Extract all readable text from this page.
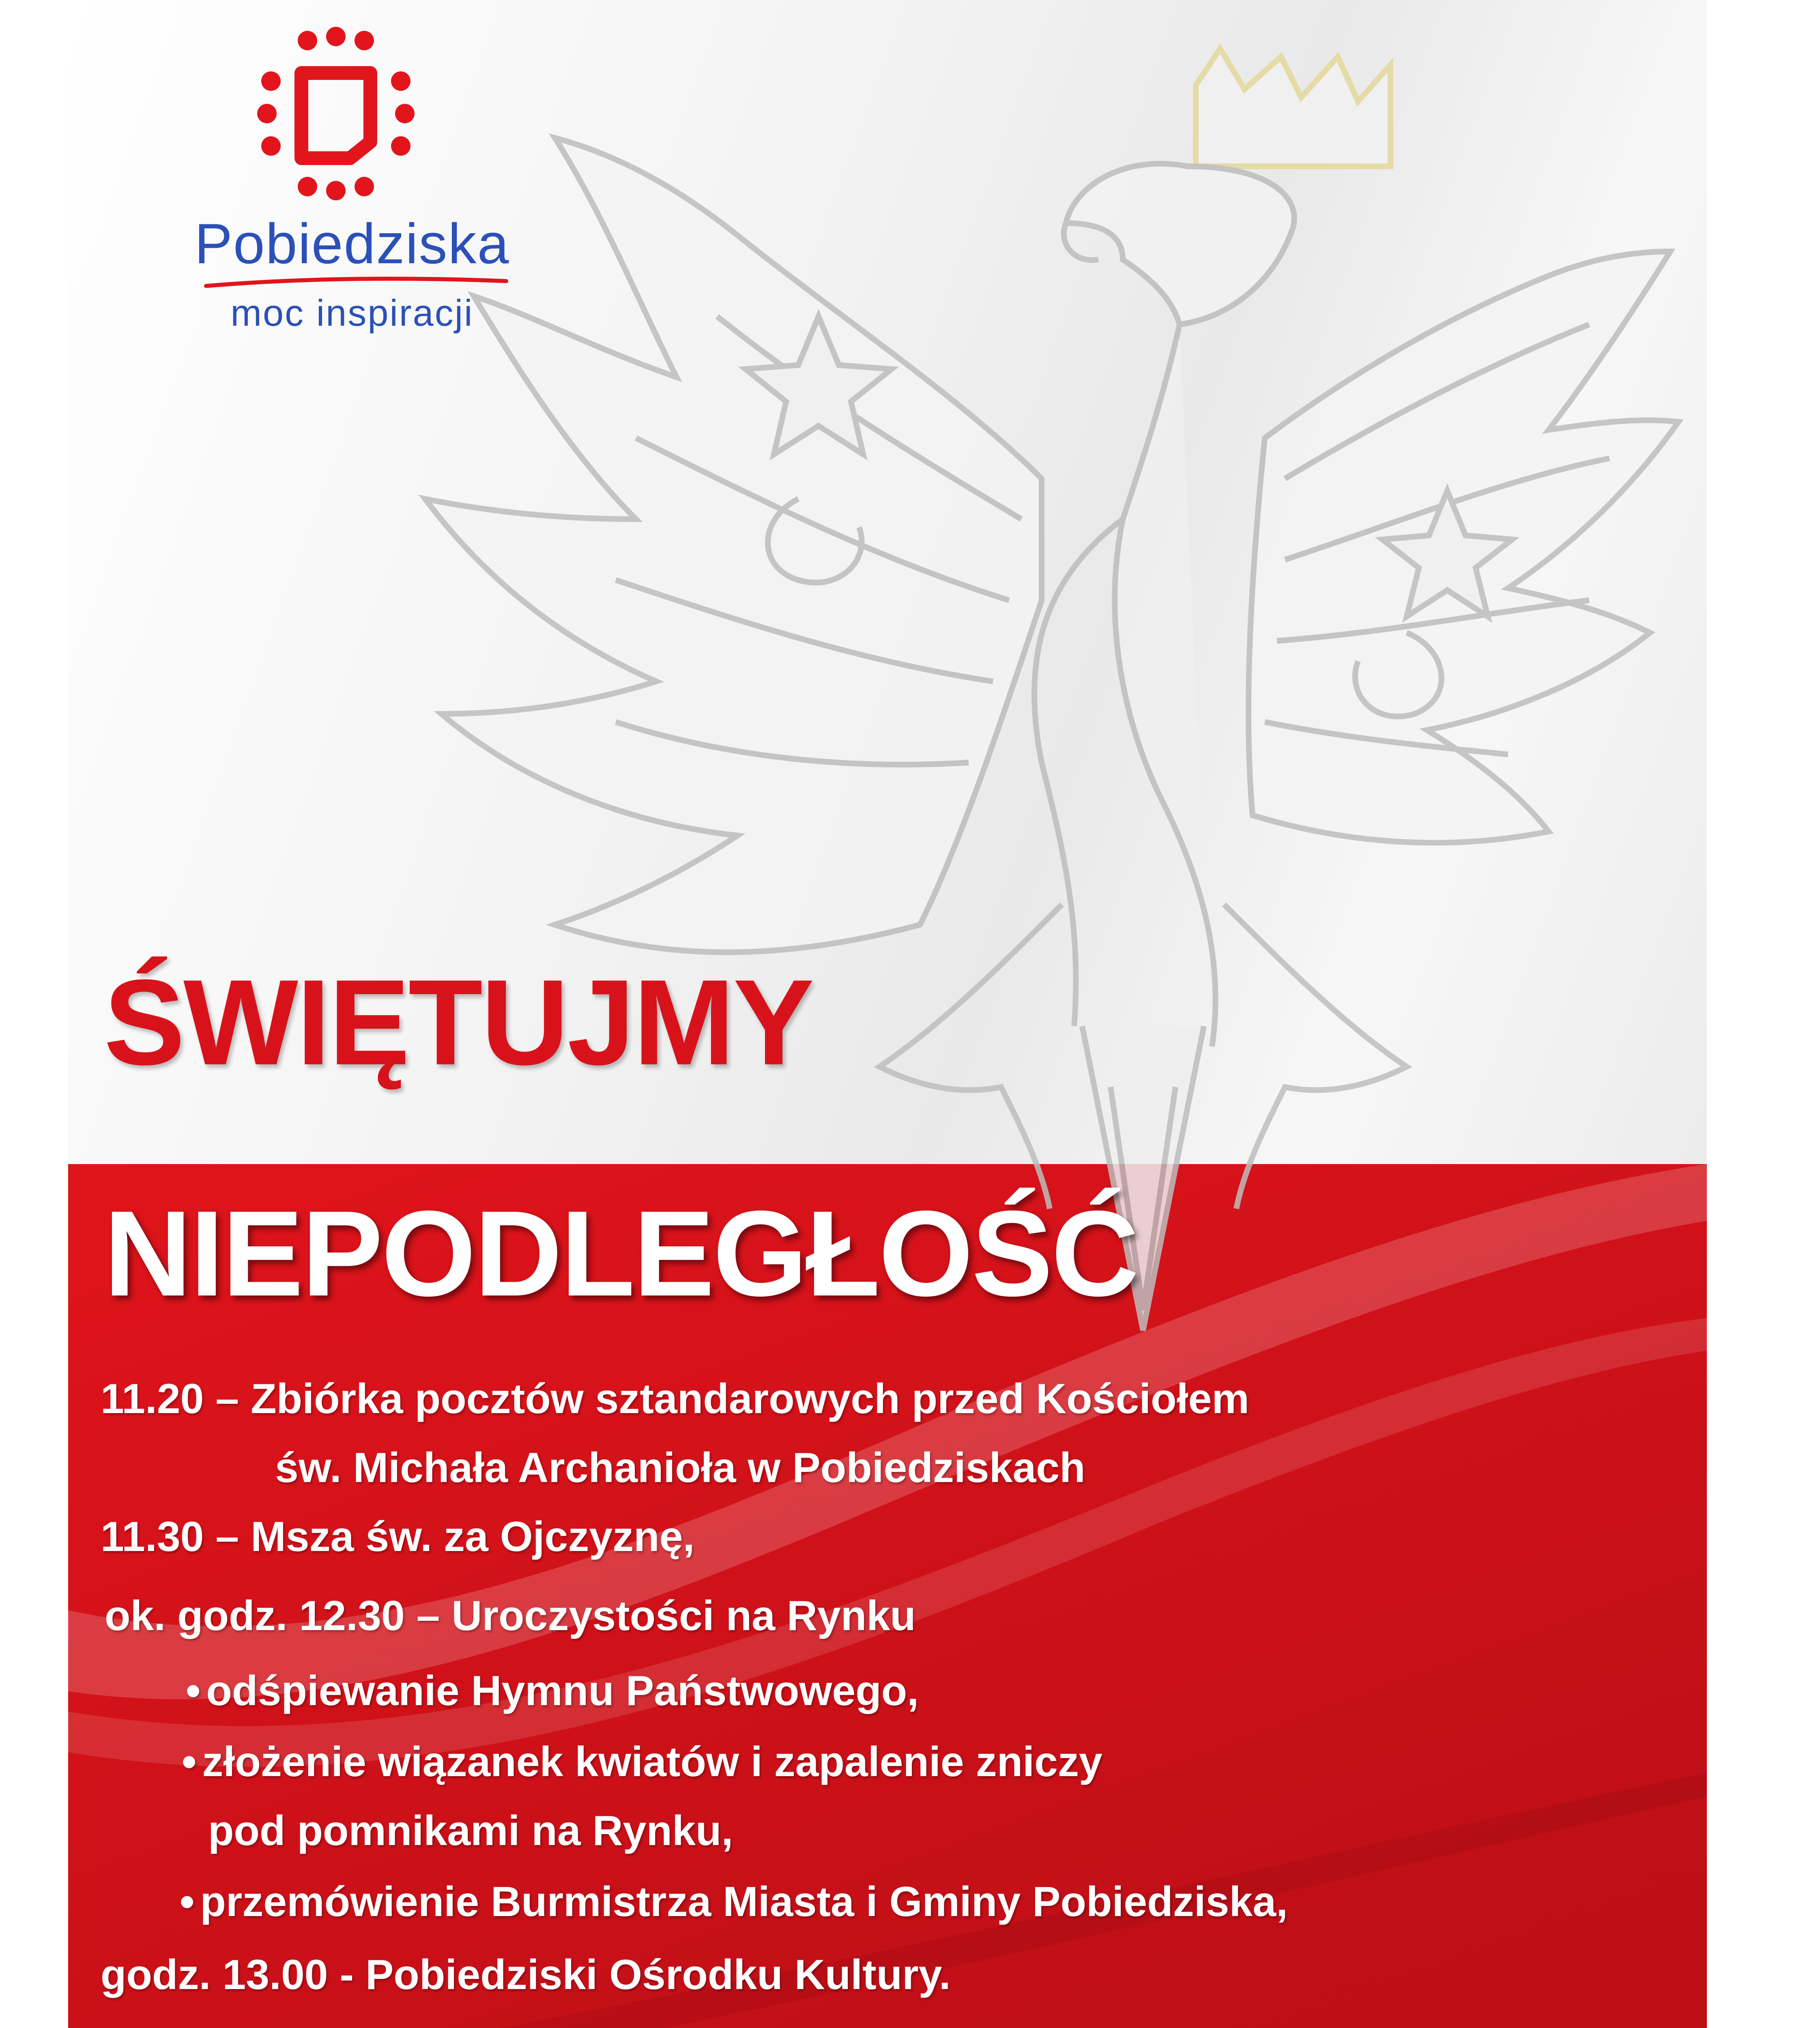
Pobiedziska
moc inspiracji
ŚWIĘTUJMY
NIEPODLEGŁOŚĆ
11.20 – Zbiórka pocztów sztandarowych przed Kościołem
św. Michała Archanioła w Pobiedziskach
11.30 – Msza św. za Ojczyznę,
ok. godz. 12.30 – Uroczystości na Rynku
• odśpiewanie Hymnu Państwowego,
• złożenie wiązanek kwiatów i zapalenie zniczy
pod pomnikami na Rynku,
• przemówienie Burmistrza Miasta i Gminy Pobiedziska,
godz. 13.00 - Pobiedziski Ośrodku Kultury.
